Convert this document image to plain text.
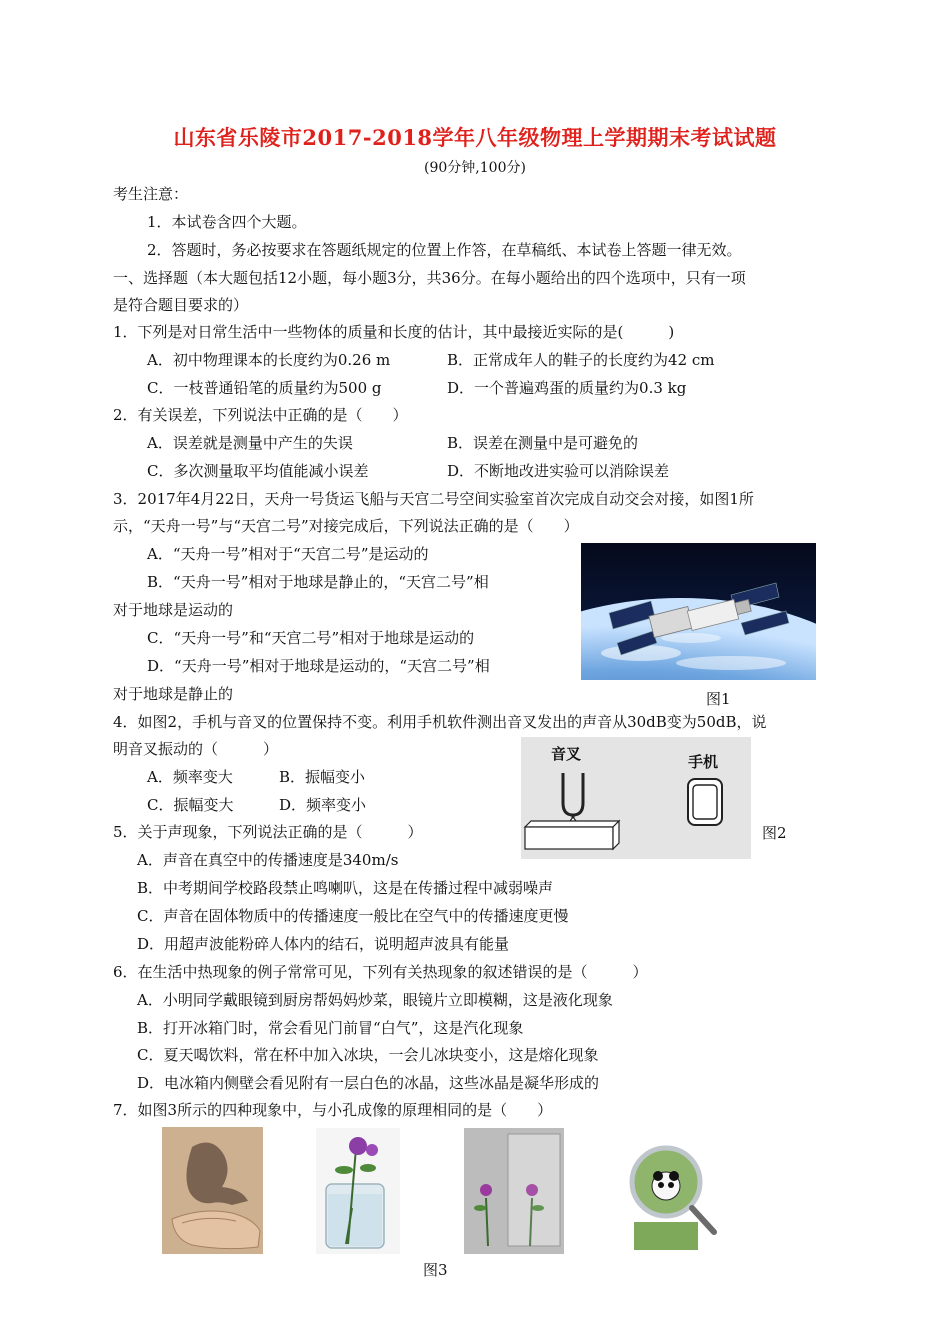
山东省乐陵市2017-2018学年八年级物理上学期期末考试试题
(90分钟,100分)
考生注意：
1．本试卷含四个大题。
2．答题时，务必按要求在答题纸规定的位置上作答，在草稿纸、本试卷上答题一律无效。
一、选择题（本大题包括12小题，每小题3分，共36分。在每小题给出的四个选项中，只有一项
是符合题目要求的）
1．下列是对日常生活中一些物体的质量和长度的估计，其中最接近实际的是(　　　)
A．初中物理课本的长度约为0.26 m	B．正常成年人的鞋子的长度约为42 cm
C．一枝普通铅笔的质量约为500 g	D．一个普遍鸡蛋的质量约为0.3 kg
2．有关误差，下列说法中正确的是（　　）
A．误差就是测量中产生的失误	B．误差在测量中是可避免的
C．多次测量取平均值能减小误差	D．不断地改进实验可以消除误差
3．2017年4月22日，天舟一号货运飞船与天宫二号空间实验室首次完成自动交会对接，如图1所
示，“天舟一号”与“天宫二号”对接完成后，下列说法正确的是（　　）
A．“天舟一号”相对于“天宫二号”是运动的
B．“天舟一号”相对于地球是静止的，“天宫二号”相
对于地球是运动的
C．“天舟一号”和“天宫二号”相对于地球是运动的
D．“天舟一号”相对于地球是运动的，“天宫二号”相
对于地球是静止的	图1
4．如图2，手机与音叉的位置保持不变。利用手机软件测出音叉发出的声音从30dB变为50dB，说
明音叉振动的（　　　）
A．频率变大	B．振幅变小
C．振幅变大	D．频率变小
音叉	手机
图2
5．关于声现象，下列说法正确的是（　　　）
A．声音在真空中的传播速度是340m/s
B．中考期间学校路段禁止鸣喇叭，这是在传播过程中减弱噪声
C．声音在固体物质中的传播速度一般比在空气中的传播速度更慢
D．用超声波能粉碎人体内的结石，说明超声波具有能量
6．在生活中热现象的例子常常可见，下列有关热现象的叙述错误的是（　　　）
A．小明同学戴眼镜到厨房帮妈妈炒菜，眼镜片立即模糊，这是液化现象
B．打开冰箱门时，常会看见门前冒“白气”，这是汽化现象
C．夏天喝饮料，常在杯中加入冰块，一会儿冰块变小，这是熔化现象
D．电冰箱内侧壁会看见附有一层白色的冰晶，这些冰晶是凝华形成的
7．如图3所示的四种现象中，与小孔成像的原理相同的是（　　）
图3
